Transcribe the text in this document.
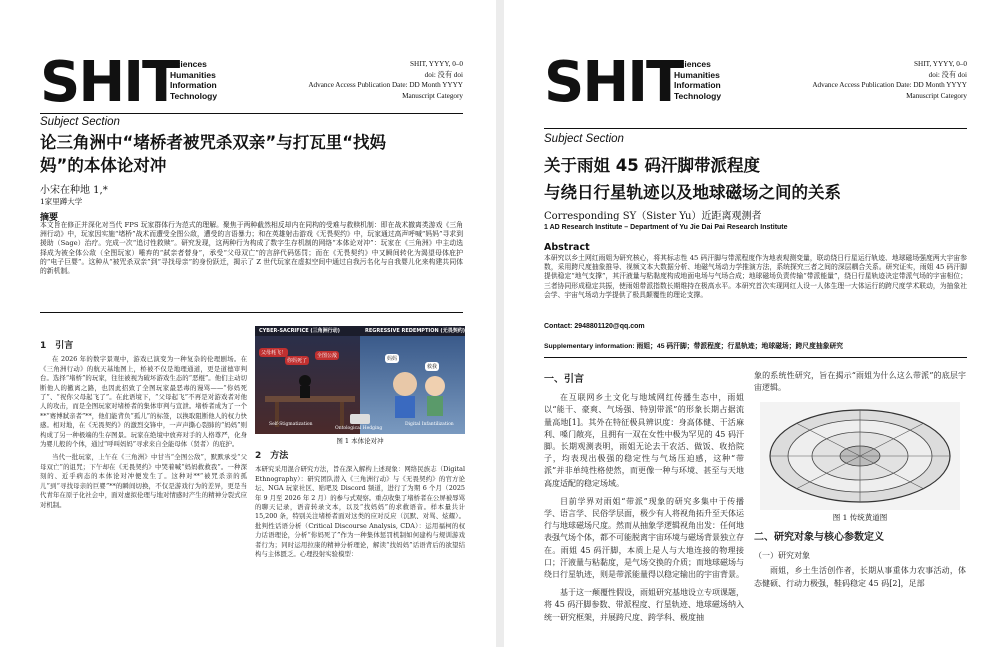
SHIT
Sciences
Humanities
Information
Technology
SHIT, YYYY, 0–0
doi: 没有 doi
Advance Access Publication Date: DD Month YYYY
Manuscript Category
Subject Section
论三角洲中“堵桥者被咒杀双亲”与打瓦里“找妈
妈”的本体论对冲
小宋在种地 1,*
1家里蹲大学
摘要
本文旨在修正并深化对当代 FPS 玩家群体行为范式的理解。聚焦于两种截然相反却内在同构的受难与救赎机制：即在战术撤离类游戏《三角洲行动》中，玩家因实施“堵桥”战术而遭受全图公敌，遭受的言语暴力；和在英雄射击游戏《无畏契约》中，玩家通过高声呼喊“妈妈”寻求到援助（Sage）治疗。完成一次“追讨性救赎”。研究发现，这两种行为构成了数字生存机制的网络“本体论对冲”：玩家在《三角洲》中主动选择成为被全体公敌（全图玩家）唾弃的“弑亲者替身”，承受“父母双亡”的言辞代码惩罚；而在《无畏契约》中又瞬间转化为渴望母体庇护的“电子巨婴”。这种从“被咒杀双亲”到“寻找母亲”的身份跃迁，揭示了 Z 世代玩家在虚拟空间中通过自我污名化与自我婴儿化来构建共同体的新机制。
1　引言

在 2026 年的数字景观中，游戏已演变为一种复杂的伦理剧场。在《三角洲行动》的航天基地图上，桥被不仅是地理通道，更是道德审判台。选择“堵桥”的玩家，往往被视为破坏游戏生态的“恶棍”。他们主动切断他人的撤离之路，也因此招致了全图玩家最恶毒的谩骂——“你妈死了”、“祝你父母起飞了”。在此语境下，“父母起飞”不再是对游戏者对他人的攻击，而是全图玩家对堵桥者的集体审判与宣泄。堵桥者成为了一个**“赛博弑亲者”**，他们能背负“孤儿”的标签，以换取阻断他人的权力快感。相对地，在《无畏契约》的激烈交锋中，一声声撕心裂肺的“妈妈”则构成了另一种极端的生存图景。玩家在绝境中放弃对手的人格尊严，化身为婴儿般的个体，通过“呼叫妈妈”寻求来自全能母体（贤者）的庇护。

当代一批玩家，上午在《三角洲》中甘当“全图公敌”，默默承受“父母双亡”的诅咒；下午却在《无畏契约》中哭着喊“妈妈救救我”。一种深刻的、近乎病态的本体论对冲便发生了。这种对**“被咒杀亲的孤儿”到“寻找母亲的巨婴”**的瞬间切换，不仅是游戏行为的差异，更是当代青年在原子化社会中，面对虚拟伦理与地对情感时产生的精神分裂式应对机制。

CYBER-SACRIFICE (三角洲行动)	REGRESSIVE REDEMPTION (无畏契约)
父母耗飞！
你妈死了
全图公敌	妈妈
救我
Self-Stigmatization	Digital Infantilization
Ontological Hedging
图 1 本体论对冲
2　方法

本研究采用混合研究方法，旨在深入解构上述现象：网络民族志（Digital Ethnography）：研究团队潜入《三角洲行动》与《无畏契约》的官方论坛、NGA 玩家社区、贴吧及 Discord 频道，进行了为期 6 个月（2025 年 9 月至 2026 年 2 月）的参与式观察。重点收集了堵桥者在公屏被辱骂的聊天记录，语音转录文本，以及“找妈妈”的求救语音。样本量共计 15,200 条，特别关注堵桥者面对这类的应对反应（沉默、对骂、炫耀）。批判性话语分析（Critical Discourse Analysis, CDA）：运用福柯的权力话语理论，分析“你妈死了”作为一种集体惩罚机制如何建构与规训游戏者行为；同时运用拉康的精神分析理论，解读“找妈妈”话语背后的欲望结构与主体匮乏。心理投射实验模型：

SHIT
Sciences
Humanities
Information
Technology
SHIT, YYYY, 0–0
doi: 没有 doi
Advance Access Publication Date: DD Month YYYY
Manuscript Category
Subject Section
关于雨姐 45 码汗脚带派程度
与绕日行星轨迹以及地球磁场之间的关系
Corresponding SY（Sister Yu）近距离观测者
1 AD Research Institute – Department of Yu Jie Dai Pai Research Institute
Abstract
本研究以乡土网红雨姐为研究核心，将其标志性 45 码汗脚与带派程度作为地表观测变量，联动绕日行星运行轨迹、地球磁场强度两大宇宙参数，采用跨尺度抽象推导、视频文本大数据分析、地磁气场动力学推演方法，系统探究三者之间的深层耦合关系。研究证实，雨姐 45 码汗脚提供稳定“地气支撑”，其汗液量与粘黏度构成地面电场与气场合成；地球磁场负责传输“带派能量”，绕日行星轨迹决定带派气场的宇宙相位；三者协同形成稳定共振，使雨姐带派指数长期维持在极高水平。本研究首次实现网红人设一人体生理一大体运行的跨尺度学术联动，为抽象社会学、宇宙气场动力学提供了极具颠覆性的理论支撑。
Contact: 2948801120@qq.com
Supplementary information: 雨姐；45 码汗脚；带派程度；行星轨迹；地球磁场；跨尺度抽象研究
一、引言

在互联网乡土文化与地域网红传播生态中，雨姐以“能干、豪爽、气场强、特别带派”的形象长期占据流量高地[1]。其外在特征极具辨识度：身高体健、干活麻利、嗓门敞亮，且拥有一双在女性中极为罕见的 45 码汗脚。长期观测表明，雨姐无论去干农活、做饭、收拾院子，均表现出极强的稳定性与气场压迫感，这种“带派”并非单纯性格使然，而更像一种与环境、甚至与天地高度适配的稳定场域。

目前学界对雨姐“带派”现象的研究多集中于传播学、语言学、民俗学层面，极少有人将视角拓升至天体运行与地球磁场尺度。然而从抽象学逻辑视角出发：任何地表强气场个体，都不可能脱离宇宙环境与磁场背景独立存在。雨姐 45 码汗脚，本质上是人与大地连接的物理接口；汗液量与粘黏度，是气场交换的介质；而地球磁场与绕日行星轨迹，则是带派能量得以稳定输出的宇宙背景。

基于这一颠覆性假设，雨姐研究基地设立专项课题，将 45 码汗脚参数、带派程度、行星轨迹、地球磁场纳入统一研究框架，并展跨尺度、跨学科、极度抽

象的系统性研究，旨在揭示“雨姐为什么这么带派”的底层宇宙逻辑。
图 1 传统黄道图
二、研究对象与核心参数定义
（一）研究对象

雨姐，乡土生活创作者，长期从事重体力农事活动，体态健硕、行动力极强，鞋码稳定 45 码[2]，足部
